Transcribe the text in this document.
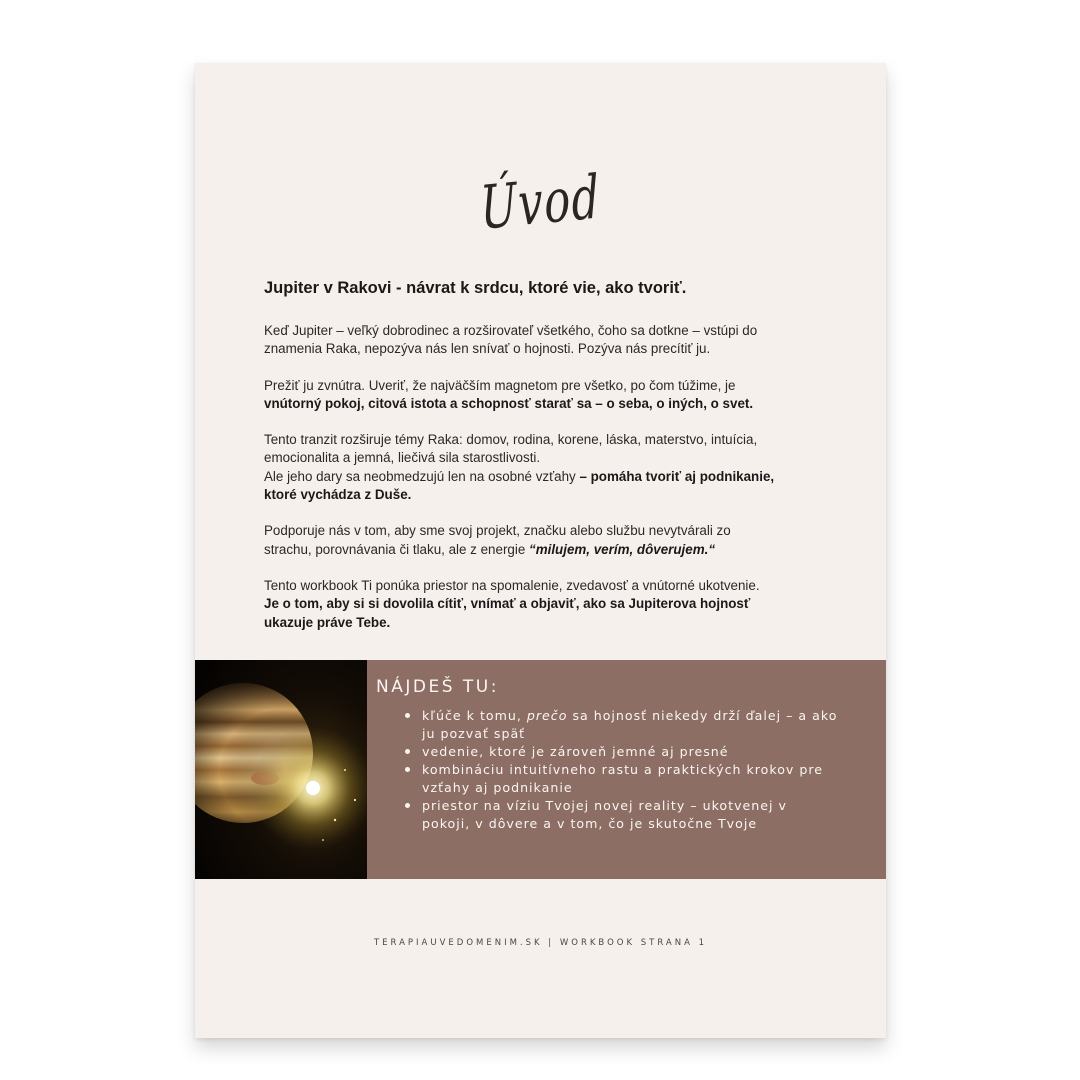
Úvod
Jupiter v Rakovi - návrat k srdcu, ktoré vie, ako tvoriť.
Keď Jupiter – veľký dobrodinec a rozširovateľ všetkého, čoho sa dotkne – vstúpi do
znamenia Raka, nepozýva nás len snívať o hojnosti. Pozýva nás precítiť ju.
Prežiť ju zvnútra. Uveriť, že najväčším magnetom pre všetko, po čom túžime, je
vnútorný pokoj, citová istota a schopnosť starať sa – o seba, o iných, o svet.
Tento tranzit rozširuje témy Raka: domov, rodina, korene, láska, materstvo, intuícia,
emocionalita a jemná, liečivá sila starostlivosti.
Ale jeho dary sa neobmedzujú len na osobné vzťahy – pomáha tvoriť aj podnikanie,
ktoré vychádza z Duše.
Podporuje nás v tom, aby sme svoj projekt, značku alebo službu nevytvárali zo
strachu, porovnávania či tlaku, ale z energie “milujem, verím, dôverujem.“
Tento workbook Ti ponúka priestor na spomalenie, zvedavosť a vnútorné ukotvenie.
Je o tom, aby si si dovolila cítiť, vnímať a objaviť, ako sa Jupiterova hojnosť
ukazuje práve Tebe.
NÁJDEŠ TU:
kľúče k tomu, prečo sa hojnosť niekedy drží ďalej – a ako
ju pozvať späť
vedenie, ktoré je zároveň jemné aj presné
kombináciu intuitívneho rastu a praktických krokov pre
vzťahy aj podnikanie
priestor na víziu Tvojej novej reality – ukotvenej v
pokoji, v dôvere a v tom, čo je skutočne Tvoje
TERAPIAUVEDOMENIM.SK | WORKBOOK STRANA 1
